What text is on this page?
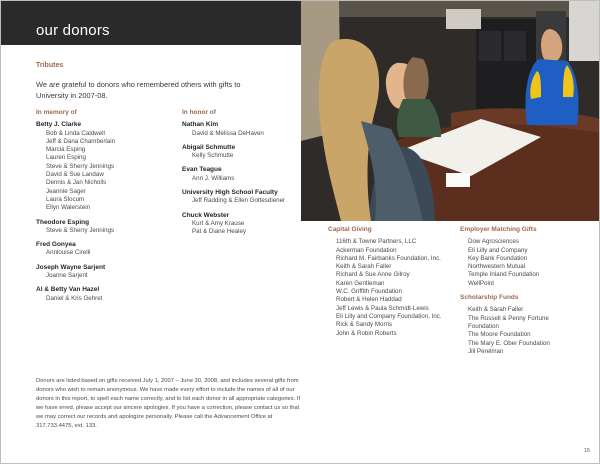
our donors
Tributes

We are grateful to donors who remembered others with gifts to University in 2007-08.

In memory of
Betty J. Clarke
Bob & Linda Caldwell
Jeff & Dana Chamberlain
Marcia Esping
Lauren Esping
Steve & Sherry Jennings
David & Sue Landaw
Dennis & Jan Nicholls
Jeannie Sager
Laura Slocum
Ellyn Walerstein
Theodore Esping
Steve & Sherry Jennings
Fred Gonyea
Annlouise Cirelli
Joseph Wayne Sarjent
Joanne Sarjent
Al & Betty Van Hazel
Daniel & Kris Gehret
In honor of
Nathan Kim
David & Melissa DeHaven
Abigail Schmutte
Kelly Schmutte
Evan Teague
Ann J. Williams
University High School Faculty
Jeff Radding & Ellen Gottesdiener
Chuck Webster
Kurt & Amy Krause
Pat & Diane Healey	Capital Giving
116th & Towne Partners, LLC
Ackerman Foundation
Richard M. Fairbanks Foundation, Inc.
Keith & Sarah Faller
Richard & Sue Anne Gilroy
Karen Gentleman
W.C. Griffith Foundation
Robert & Helen Haddad
Jeff Lewis & Paula Schmidt-Lewis
Eli Lilly and Company Foundation, Inc.
Rick & Sandy Morris
John & Robin Roberts
Employer Matching Gifts
Dow Agrosciences
Eli Lilly and Company
Key Bank Foundation
Northwestern Mutual
Temple Inland Foundation
WellPoint
Scholarship Funds
Keith & Sarah Faller
The Russell & Penny Fortune Foundation
The Moore Foundation
The Mary E. Ober Foundation
Jill Perelman

Donors are listed based on gifts received July 1, 2007 – June 30, 2008, and includes several gifts from donors who wish to remain anonymous. We have made every effort to include the names of all of our donors in this report, to spell each name correctly, and to list each donor in all appropriate categories. If we have erred, please accept our sincere apologies. If you have a correction, please contact us so that we may correct our records and apologize personally. Please call the Advancement Office at 317.733.4475, ext. 133.

15
